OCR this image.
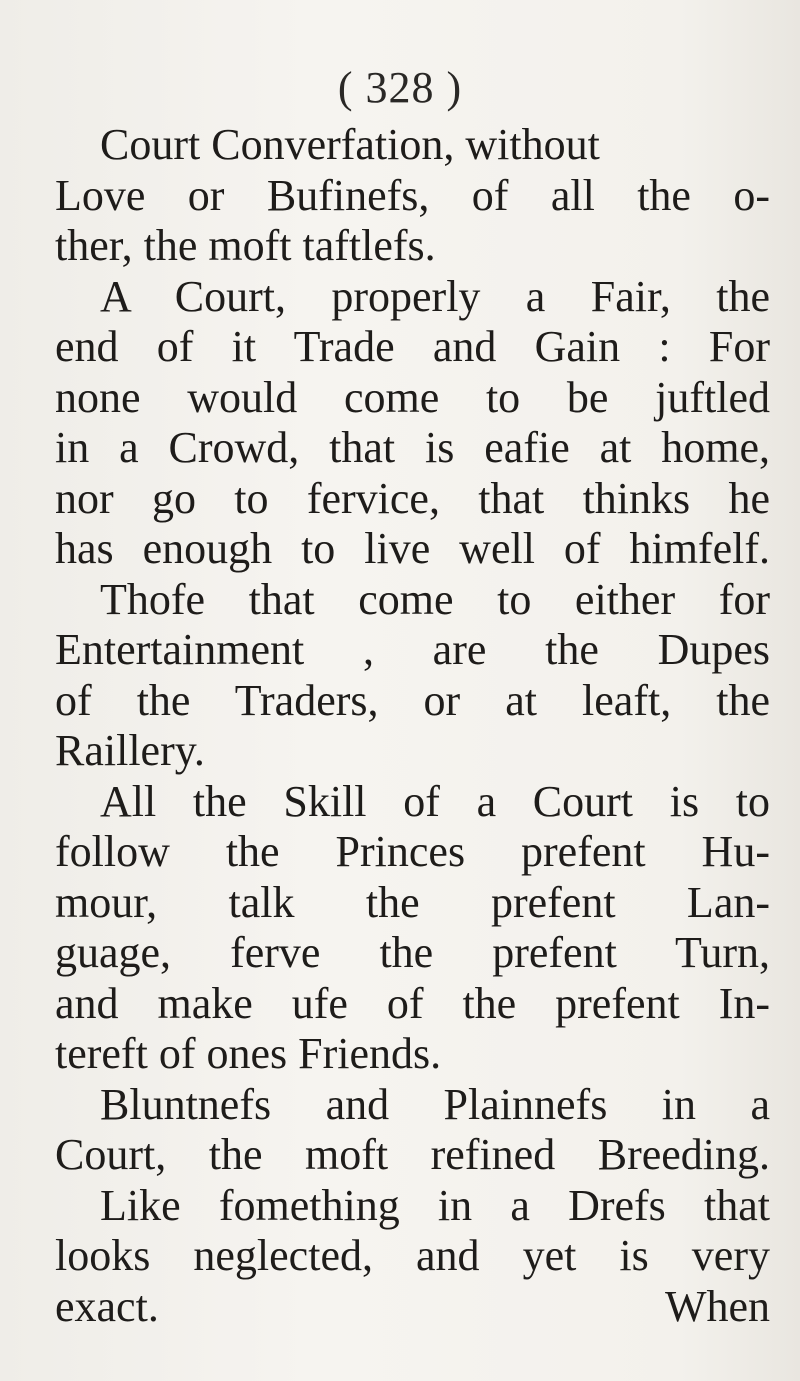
( 328 )
Court Converfation, without
Love or Bufinefs, of all the o-
ther, the moft taftlefs.
A Court, properly a Fair, the
end of it Trade and Gain : For
none would come to be juftled
in a Crowd, that is eafie at home,
nor go to fervice, that thinks he
has enough to live well of himfelf.
Thofe that come to either for
Entertainment , are the Dupes
of the Traders, or at leaft, the
Raillery.
All the Skill of a Court is to
follow the Princes prefent Hu-
mour, talk the prefent Lan-
guage, ferve the prefent Turn,
and make ufe of the prefent In-
tereft of ones Friends.
Bluntnefs and Plainnefs in a
Court, the moft refined Breeding.
Like fomething in a Drefs that
looks neglected, and yet is very
exact.	When
